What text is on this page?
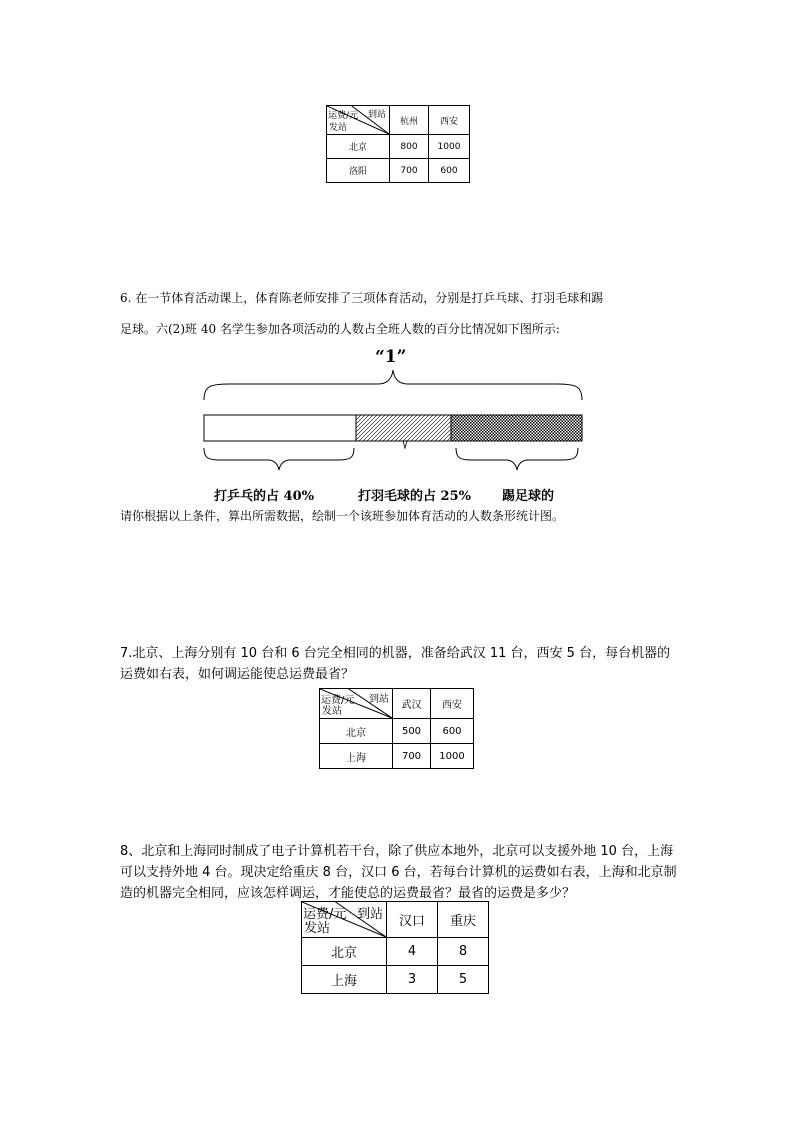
到站
运费/元
发站	杭州	西安
北京	800	1000
洛阳	700	600

6. 在一节体育活动课上，体育陈老师安排了三项体育活动，分别是打乒乓球、打羽毛球和踢

足球。六(2)班 40 名学生参加各项活动的人数占全班人数的百分比情况如下图所示:

“1”
打乒乓的占 40%	打羽毛球的占 25% 踢足球的

请你根据以上条件，算出所需数据，绘制一个该班参加体育活动的人数条形统计图。

7.北京、上海分别有 10 台和 6 台完全相同的机器，准备给武汉 11 台，西安 5 台，每台机器的运费如右表，如何调运能使总运费最省？

到站
运费/元
发站	武汉	西安
北京	500	600
上海	700	1000

8、北京和上海同时制成了电子计算机若干台，除了供应本地外，北京可以支援外地 10 台，上海可以支持外地 4 台。现决定给重庆 8 台，汉口 6 台，若每台计算机的运费如右表，上海和北京制造的机器完全相同，应该怎样调运，才能使总的运费最省？最省的运费是多少？

到站
运费/元
发站	汉口	重庆
北京	4	8
上海	3	5
